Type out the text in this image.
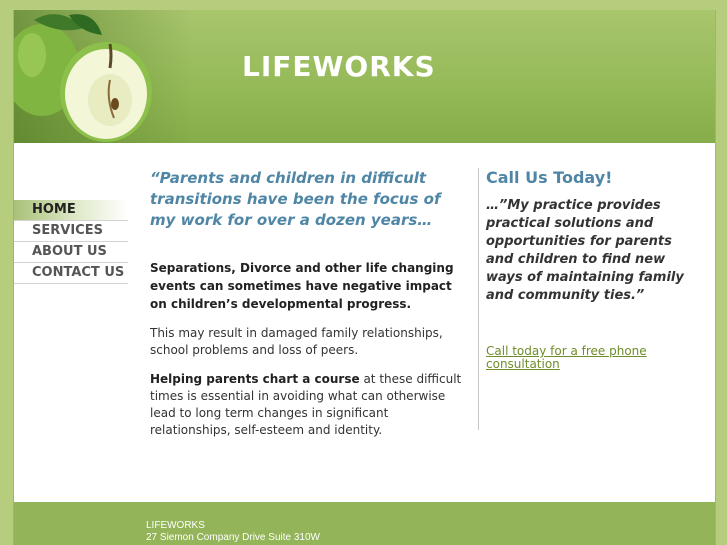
LIFEWORKS
HOME
SERVICES
ABOUT US
CONTACT US

“Parents and children in difficult transitions have been the focus of my work for over a dozen years…

Separations, Divorce and other life changing events can sometimes have negative impact on children’s developmental progress.

This may result in damaged family relationships, school problems and loss of peers.

Helping parents chart a course at these difficult times is essential in avoiding what can otherwise lead to long term changes in significant relationships, self-esteem and identity.

Call Us Today!

…”My practice provides practical solutions and opportunities for parents and children to find new ways of maintaining family and community ties.”

Call today for a free phone consultation
LIFEWORKS
27 Siemon Company Drive Suite 310W
